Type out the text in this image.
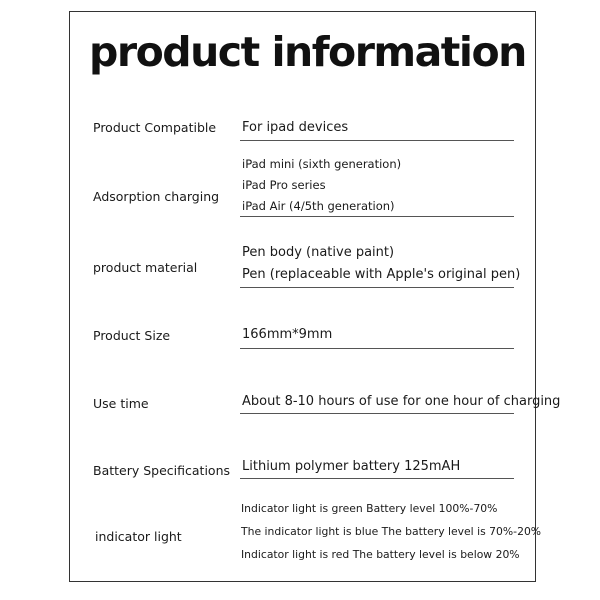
product information
Product Compatible For ipad devices
Adsorption charging
iPad mini (sixth generation)
iPad Pro series
iPad Air (4/5th generation)
product material
Pen body (native paint)
Pen (replaceable with Apple's original pen)
Product Size	166mm*9mm
Use time	About 8-10 hours of use for one hour of charging
Battery Specifications Lithium polymer battery 125mAH
indicator light
Indicator light is green Battery level 100%-70%
The indicator light is blue The battery level is 70%-20%
Indicator light is red The battery level is below 20%
